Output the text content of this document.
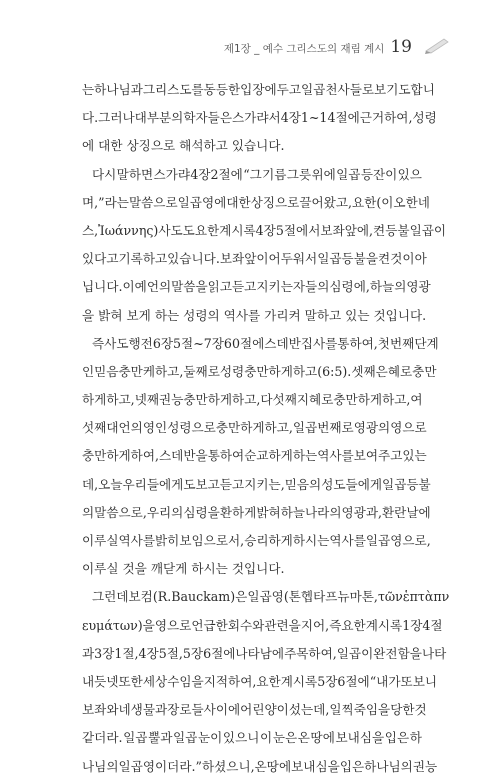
제1장 _ 예수 그리스도의 재림 계시 19
는 하나님과 그리스도를 동등한 입장에 두고 일곱 천사들로 보기도합니
다. 그러나 대부분의 학자들은 스가랴서 4장1~14절에 근거하여, 성령
에 대한 상징으로 해석하고 있습니다.
다시 말하면 스가랴 4장2절에 “그 기름 그릇 위에 일곱 등잔이 있으
며,”라는 말씀으로 일곱 영에 대한 상징으로 끌어 왔고, 요한(이오한네
스, Ἰωάννης) 사도도 요한계시록 4장5절에서 보좌 앞에, 켠 등불 일곱이
있다고 기록하고 있습니다. 보좌 앞이 어두워서 일곱 등불을 켠 것이 아
닙니다. 이 예언의 말씀을 읽고 듣고 지키는 자들의 심령에, 하늘의 영광
을 밝혀 보게 하는 성령의 역사를 가리켜 말하고 있는 것입니다.
즉 사도행전 6장5절~7장60절에 스데반 집사를 통하여, 첫 번째 단계
인 믿음 충만케 하고, 둘째로 성령 충만하게 하고(6:5). 셋째 은혜로 충만
하게 하고, 넷째 권능 충만하게 하고, 다섯째 지혜로 충만하게 하고, 여
섯째 대언의 영인 성령으로 충만하게 하고, 일곱 번째로 영광의 영으로
충만하게 하여, 스데반을 통하여 순교하게 하는 역사를 보여주고 있는
데, 오늘 우리들에게도 보고 듣고 지키는, 믿음의 성도들에게 일곱 등불
의 말씀으로, 우리의 심령을 환하게 밝혀 하늘나라의 영광과, 환란 날에
이루실 역사를 밝히 보임으로서, 승리하게 하시는 역사를 일곱 영으로,
이루실 것을 깨닫게 하시는 것입니다.
그런데 보컴(R. Bauckam)은 일곱 영(톤 헵타 프뉴마톤, τῶν ἑπτὰ πν
ευμάτων)을 영으로 언급한 회수와 관련을 지어, 즉 요한계시록 1장4절
과 3장1절, 4장5절, 5장6절에 나타남에 주목하여, 일곱이 완전함을 나타
내듯 넷 또한 세상 수임을 지적하여, 요한계시록 5장6절에 “내가 또 보니
보좌와 네 생물과 장로들 사이에 어린양이 섰는데, 일찍 죽임을 당한 것
같더라. 일곱 뿔과 일곱 눈이 있으니 이 눈은 온 땅에 보내심을 입은 하
나님의 일곱 영이더라.” 하셨으니, 온 땅에 보내심을 입은 하나님의 권능
